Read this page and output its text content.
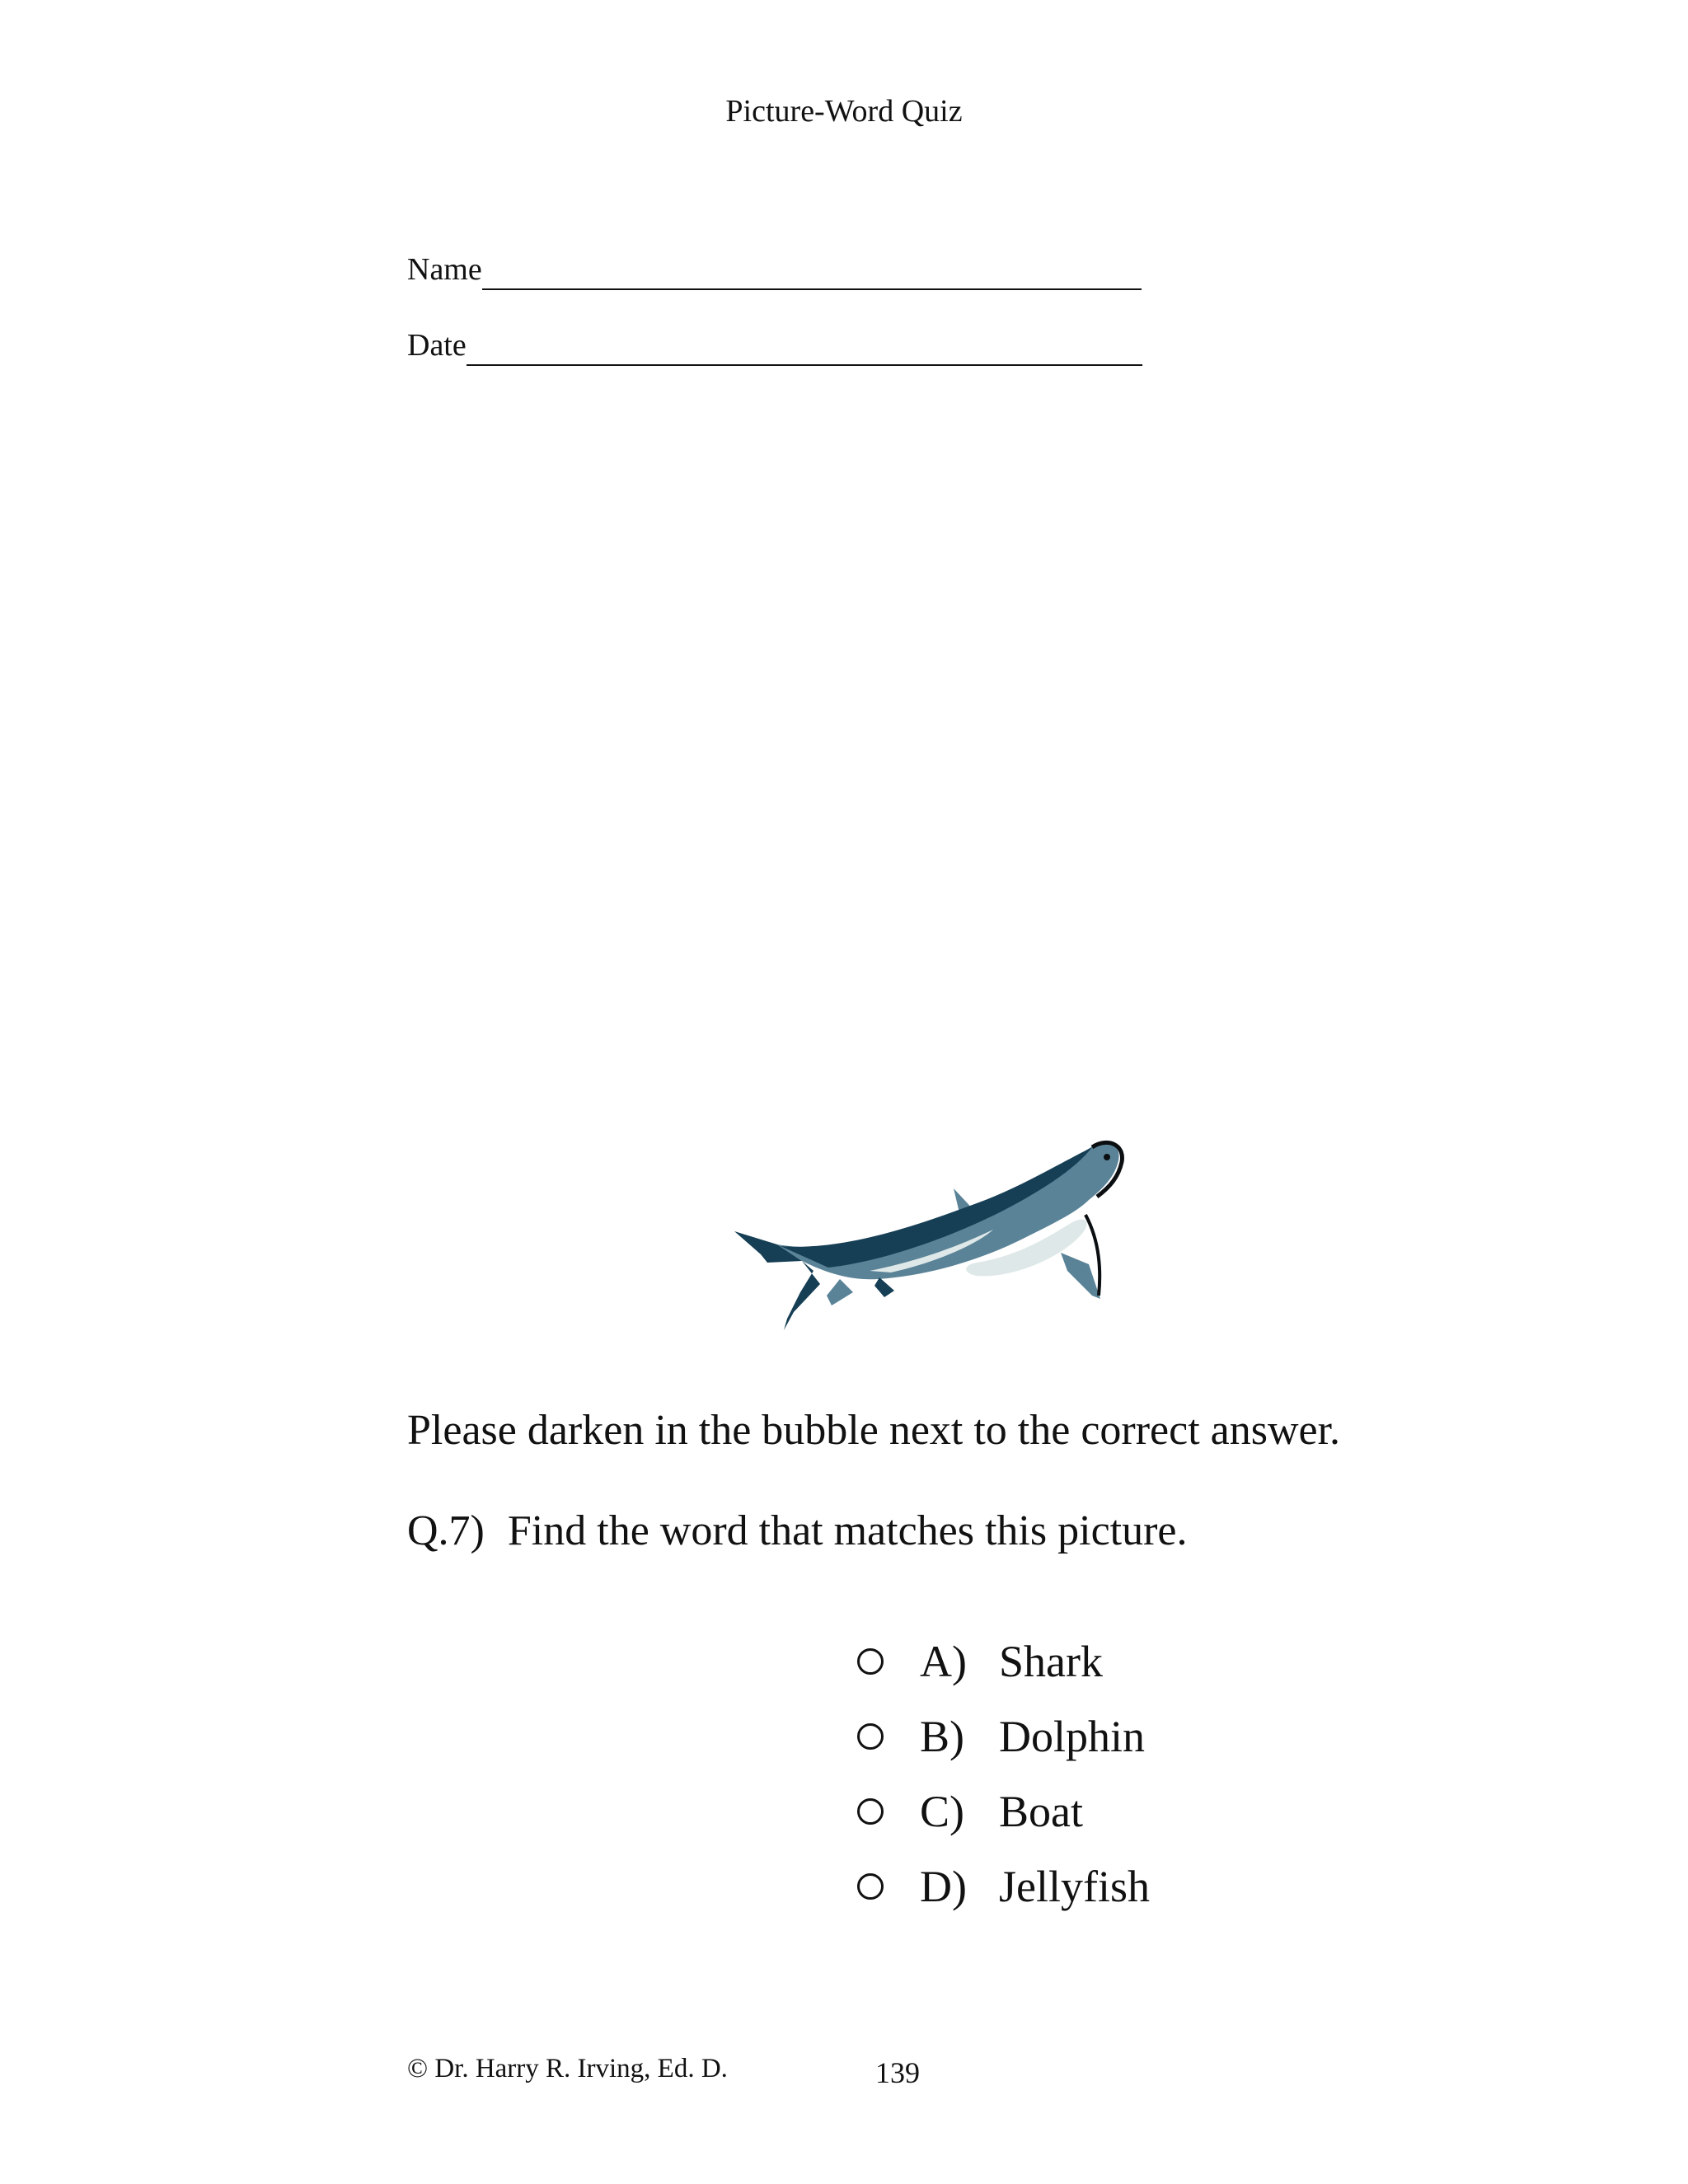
Picture-Word Quiz
Name
Date
Please darken in the bubble next to the correct answer.
Q.7) Find the word that matches this picture.
A) Shark
B) Dolphin
C) Boat
D) Jellyfish
© Dr. Harry R. Irving, Ed. D.	139
